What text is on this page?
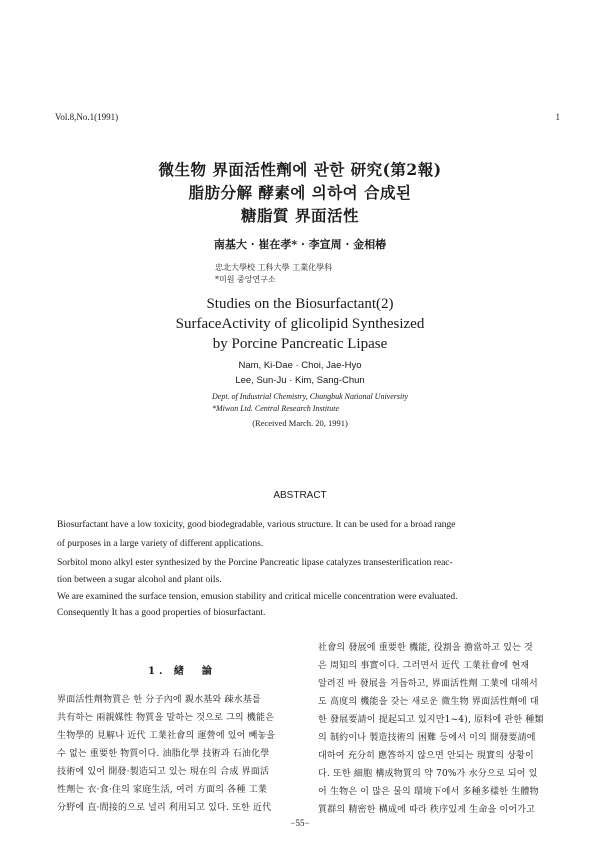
Vol.8,No.1(1991)	1
微生物 界面活性劑에 관한 研究(第2報)
脂肪分解 酵素에 의하여 合成된
糖脂質 界面活性
南基大 · 崔在孝* · 李宣周 · 金相椿
忠北大學校 工科大學 工業化學科
*미원 중앙연구소
Studies on the Biosurfactant(2)
SurfaceActivity of glicolipid Synthesized
by Porcine Pancreatic Lipase
Nam, Ki-Dae · Choi, Jae-Hyo
Lee, Sun-Ju · Kim, Sang-Chun
Dept. of Industrial Chemistry, Chungbuk National University
*Miwon Ltd. Central Research Institute
(Received March. 20, 1991)
ABSTRACT
Biosurfactant have a low toxicity, good biodegradable, various structure. It can be used for a broad range
of purposes in a large variety of different applications.
Sorbitol mono alkyl ester synthesized by the Porcine Pancreatic lipase catalyzes transesterification reac-
tion between a sugar alcohol and plant oils.
We are examined the surface tension, emusion stability and critical micelle concentration were evaluated.
Consequently It has a good properties of biosurfactant.
1. 緖　論
界面活性劑物質은 한 分子內에 親水基와 疎水基를
共有하는 兩親媒性 物質을 말하는 것으로 그의 機能은
生物學的 見解나 近代 工業社會의 運營에 있어 빼놓을
수 없는 重要한 物質이다. 油脂化學 技術과 石油化學
技術에 있어 開發·製造되고 있는 現在의 合成 界面活
性劑는 衣·食·住의 家庭生活, 여러 方面의 各種 工業
分野에 直·間接的으로 널리 利用되고 있다. 또한 近代
社會의 發展에 重要한 機能, 役割을 擔當하고 있는 것
은 周知의 事實이다. 그러면서 近代 工業社會에 현재
알려진 바 發展을 거듭하고, 界面活性劑 工業에 대해서
도 高度의 機能을 갖는 새로운 微生物 界面活性劑에 대
한 發展要請이 提起되고 있지만1~4), 原料에 관한 種類
의 制約이나 製造技術의 困難 등에서 이의 開發要請에
대하여 充分히 應答하지 않으면 안되는 現實의 상황이
다. 또한 細胞 構成物質의 약 70%가 水分으로 되어 있
어 生物은 이 많은 물의 環境下에서 多種多樣한 生體物
質群의 精密한 構成에 따라 秩序있게 生命을 이어가고
−55−
